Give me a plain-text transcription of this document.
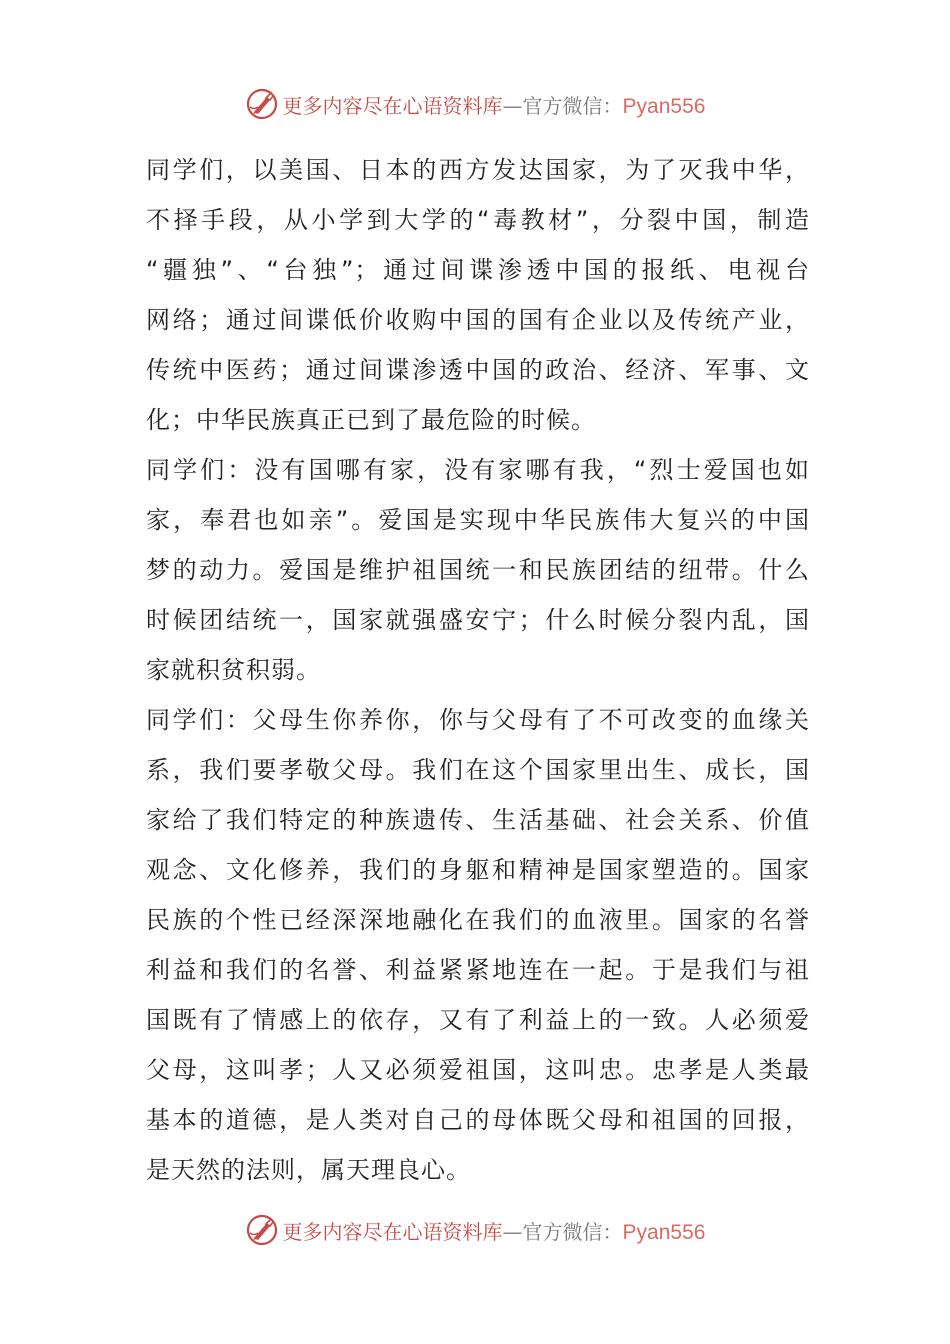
更多内容尽在心语资料库—官方微信：Pyan556
同学们，以美国、日本的西方发达国家，为了灭我中华，
不择手段，从小学到大学的“毒教材”，分裂中国，制造
“疆独”、“台独”；通过间谍渗透中国的报纸、电视台
网络；通过间谍低价收购中国的国有企业以及传统产业，
传统中医药；通过间谍渗透中国的政治、经济、军事、文
化；中华民族真正已到了最危险的时候。
同学们：没有国哪有家，没有家哪有我，“烈士爱国也如
家，奉君也如亲”。爱国是实现中华民族伟大复兴的中国
梦的动力。爱国是维护祖国统一和民族团结的纽带。什么
时候团结统一，国家就强盛安宁；什么时候分裂内乱，国
家就积贫积弱。
同学们：父母生你养你，你与父母有了不可改变的血缘关
系，我们要孝敬父母。我们在这个国家里出生、成长，国
家给了我们特定的种族遗传、生活基础、社会关系、价值
观念、文化修养，我们的身躯和精神是国家塑造的。国家
民族的个性已经深深地融化在我们的血液里。国家的名誉
利益和我们的名誉、利益紧紧地连在一起。于是我们与祖
国既有了情感上的依存，又有了利益上的一致。人必须爱
父母，这叫孝；人又必须爱祖国，这叫忠。忠孝是人类最
基本的道德，是人类对自己的母体既父母和祖国的回报，
是天然的法则，属天理良心。
更多内容尽在心语资料库—官方微信：Pyan556
